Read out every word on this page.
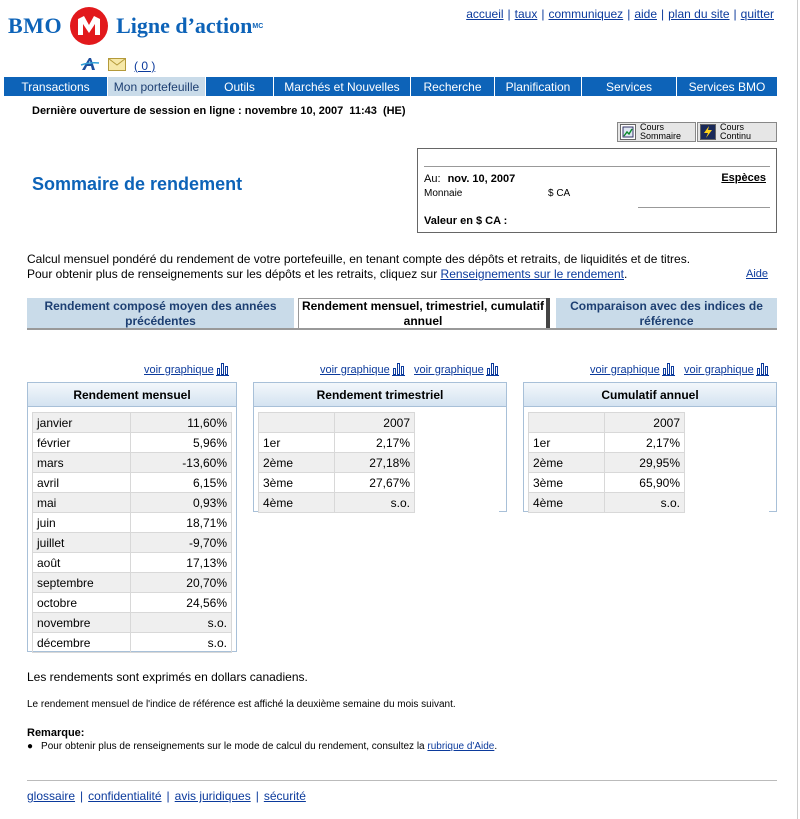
BMO Ligne d’action MC
accueil | taux | communiquez | aide | plan du site | quitter
( 0 )
Transactions	Mon portefeuille	Outils	Marchés et Nouvelles	Recherche	Planification	Services	Services BMO
Dernière ouverture de session en ligne : novembre 10, 2007  11:43  (HE)
Cours
Sommaire
Cours
Continu
Au: nov. 10, 2007	Espèces
Monnaie	$ CA
Valeur en $ CA :
Sommaire de rendement
Calcul mensuel pondéré du rendement de votre portefeuille, en tenant compte des dépôts et retraits, de liquidités et de titres.
Pour obtenir plus de renseignements sur les dépôts et les retraits, cliquez sur Renseignements sur le rendement.	Aide
Rendement composé moyen des années précédentes
Rendement mensuel, trimestriel, cumulatif annuel
Comparaison avec des indices de référence
voir graphique	voir graphique voir graphique	voir graphique voir graphique
Rendement mensuel
janvier	11,60%
février	5,96%
mars	-13,60%
avril	6,15%
mai	0,93%
juin	18,71%
juillet	-9,70%
août	17,13%
septembre	20,70%
octobre	24,56%
novembre	s.o.
décembre	s.o.
Rendement trimestriel
	2007	
1er	2,17%	
2ème	27,18%	
3ème	27,67%	
4ème	s.o.	
Cumulatif annuel
	2007	
1er	2,17%	
2ème	29,95%	
3ème	65,90%	
4ème	s.o.	
Les rendements sont exprimés en dollars canadiens.
Le rendement mensuel de l'indice de référence est affiché la deuxième semaine du mois suivant.
Remarque:
● Pour obtenir plus de renseignements sur le mode de calcul du rendement, consultez la rubrique d'Aide.
glossaire | confidentialité | avis juridiques | sécurité
